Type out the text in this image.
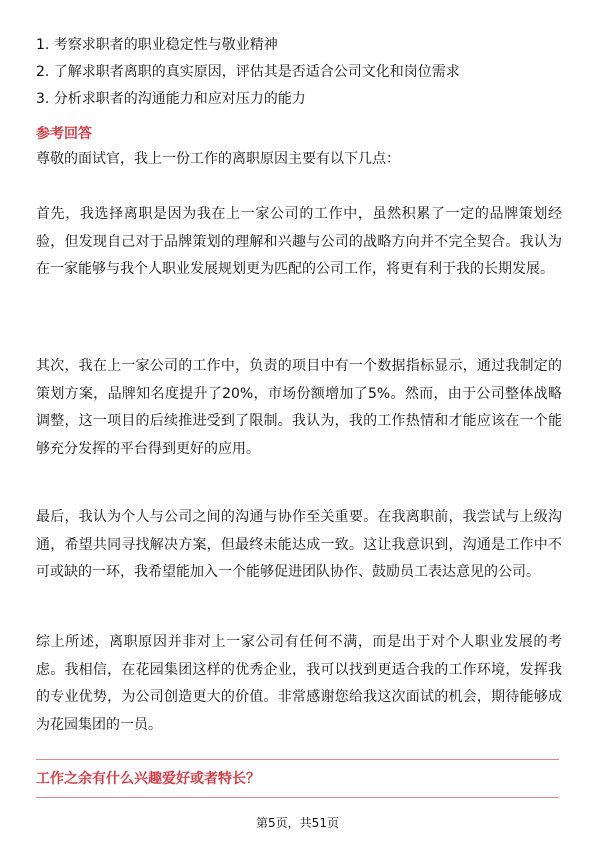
1. 考察求职者的职业稳定性与敬业精神
2. 了解求职者离职的真实原因，评估其是否适合公司文化和岗位需求
3. 分析求职者的沟通能力和应对压力的能力
参考回答

尊敬的面试官，我上一份工作的离职原因主要有以下几点：

首先，我选择离职是因为我在上一家公司的工作中，虽然积累了一定的品牌策划经验，但发现自己对于品牌策划的理解和兴趣与公司的战略方向并不完全契合。我认为在一家能够与我个人职业发展规划更为匹配的公司工作，将更有利于我的长期发展。

其次，我在上一家公司的工作中，负责的项目中有一个数据指标显示，通过我制定的策划方案，品牌知名度提升了20%，市场份额增加了5%。然而，由于公司整体战略调整，这一项目的后续推进受到了限制。我认为，我的工作热情和才能应该在一个能够充分发挥的平台得到更好的应用。

最后，我认为个人与公司之间的沟通与协作至关重要。在我离职前，我尝试与上级沟通，希望共同寻找解决方案，但最终未能达成一致。这让我意识到，沟通是工作中不可或缺的一环，我希望能加入一个能够促进团队协作、鼓励员工表达意见的公司。

综上所述，离职原因并非对上一家公司有任何不满，而是出于对个人职业发展的考虑。我相信，在花园集团这样的优秀企业，我可以找到更适合我的工作环境，发挥我的专业优势，为公司创造更大的价值。非常感谢您给我这次面试的机会，期待能够成为花园集团的一员。

工作之余有什么兴趣爱好或者特长？
第5页，共51页
